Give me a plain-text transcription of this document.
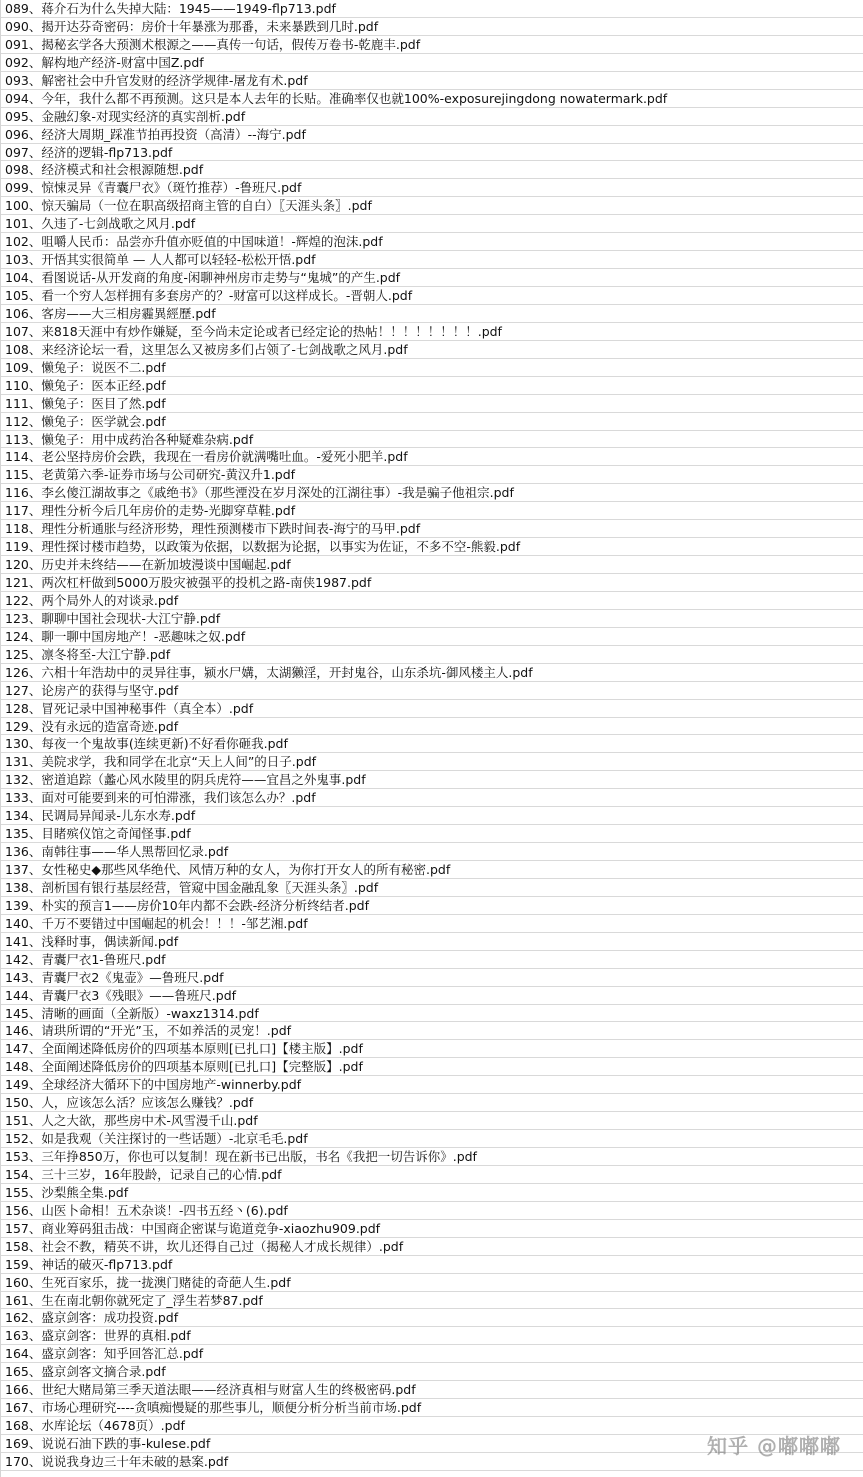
089、蒋介石为什么失掉大陆：1945——1949-flp713.pdf
090、揭开达芬奇密码：房价十年暴涨为那番，未来暴跌到几时.pdf
091、揭秘玄学各大预测术根源之——真传一句话，假传万卷书-乾鹿丰.pdf
092、解构地产经济-财富中国Z.pdf
093、解密社会中升官发财的经济学规律-屠龙有术.pdf
094、今年，我什么都不再预测。这只是本人去年的长贴。准确率仅也就100%-exposurejingdong nowatermark.pdf
095、金融幻象-对现实经济的真实剖析.pdf
096、经济大周期_踩准节拍再投资（高清）--海宁.pdf
097、经济的逻辑-flp713.pdf
098、经济模式和社会根源随想.pdf
099、惊悚灵异《青囊尸衣》（斑竹推荐）-鲁班尺.pdf
100、惊天骗局（一位在职高级招商主管的自白）〖天涯头条〗.pdf
101、久违了-七剑战歌之风月.pdf
102、咀嚼人民币：品尝亦升值亦贬值的中国味道！-辉煌的泡沫.pdf
103、开悟其实很简单 — 人人都可以轻轻-松松开悟.pdf
104、看图说话-从开发商的角度-闲聊神州房市走势与“鬼城”的产生.pdf
105、看一个穷人怎样拥有多套房产的？-财富可以这样成长。-晋朝人.pdf
106、客房——大三相房霾異經歷.pdf
107、来818天涯中有炒作嫌疑，至今尚未定论或者已经定论的热帖！！！！！！！！.pdf
108、来经济论坛一看，这里怎么又被房多们占领了-七剑战歌之风月.pdf
109、懒兔子：说医不二.pdf
110、懒兔子：医本正经.pdf
111、懒兔子：医目了然.pdf
112、懒兔子：医学就会.pdf
113、懒兔子：用中成药治各种疑难杂病.pdf
114、老公坚持房价会跌，我现在一看房价就满嘴吐血。-爱死小肥羊.pdf
115、老黄第六季-证券市场与公司研究-黄汉升1.pdf
116、李幺傻江湖故事之《戚绝书》（那些湮没在岁月深处的江湖往事）-我是骗子他祖宗.pdf
117、理性分析今后几年房价的走势-光脚穿草鞋.pdf
118、理性分析通胀与经济形势，理性预测楼市下跌时间表-海宁的马甲.pdf
119、理性探讨楼市趋势，以政策为依据，以数据为论据，以事实为佐证，不多不空-熊毅.pdf
120、历史并未终结——在新加坡漫谈中国崛起.pdf
121、两次杠杆做到5000万股灾被强平的投机之路-南侠1987.pdf
122、两个局外人的对谈录.pdf
123、聊聊中国社会现状-大江宁静.pdf
124、聊一聊中国房地产！-恶趣味之奴.pdf
125、凛冬将至-大江宁静.pdf
126、六相十年浩劫中的灵异往事，颍水尸媾，太湖獭淫，开封鬼谷，山东杀坑-御风楼主人.pdf
127、论房产的获得与坚守.pdf
128、冒死记录中国神秘事件（真全本）.pdf
129、没有永远的造富奇迹.pdf
130、每夜一个鬼故事(连续更新)不好看你砸我.pdf
131、美院求学，我和同学在北京“天上人间”的日子.pdf
132、密道追踪（蠡心风水陵里的阴兵虎符——宜昌之外鬼事.pdf
133、面对可能要到来的可怕滞涨，我们该怎么办？.pdf
134、民调局异闻录-儿东水寿.pdf
135、目睹殡仪馆之奇闻怪事.pdf
136、南韩往事——华人黑帮回忆录.pdf
137、女性秘史◆那些风华绝代、风情万种的女人，为你打开女人的所有秘密.pdf
138、剖析国有银行基层经营，管窥中国金融乱象〖天涯头条〗.pdf
139、朴实的预言1——房价10年内都不会跌-经济分析终结者.pdf
140、千万不要错过中国崛起的机会！！！-邹艺湘.pdf
141、浅释时事，偶读新闻.pdf
142、青囊尸衣1-鲁班尺.pdf
143、青囊尸衣2《鬼壶》—鲁班尺.pdf
144、青囊尸衣3《残眼》——鲁班尺.pdf
145、清晰的画面（全新版）-waxz1314.pdf
146、请珙所谓的“开光”玉，不如养活的灵宠！.pdf
147、全面阐述降低房价的四项基本原则[已扎口]【楼主版】.pdf
148、全面阐述降低房价的四项基本原则[已扎口]【完整版】.pdf
149、全球经济大循环下的中国房地产-winnerby.pdf
150、人，应该怎么活？应该怎么赚钱？.pdf
151、人之大欲，那些房中术-风雪漫千山.pdf
152、如是我观（关注探讨的一些话题）-北京毛毛.pdf
153、三年挣850万，你也可以复制！现在新书已出版，书名《我把一切告诉你》.pdf
154、三十三岁，16年股龄，记录自己的心情.pdf
155、沙梨熊全集.pdf
156、山医卜命相！五术杂谈！-四书五经丶(6).pdf
157、商业筹码狙击战：中国商企密谋与诡道竞争-xiaozhu909.pdf
158、社会不教，精英不讲，坎儿还得自己过（揭秘人才成长规律）.pdf
159、神话的破灭-flp713.pdf
160、生死百家乐，拢一拢澳门赌徒的奇葩人生.pdf
161、生在南北朝你就死定了_浮生若梦87.pdf
162、盛京剑客：成功投资.pdf
163、盛京剑客：世界的真相.pdf
164、盛京剑客：知乎回答汇总.pdf
165、盛京剑客文摘合录.pdf
166、世纪大赌局第三季天道法眼——经济真相与财富人生的终极密码.pdf
167、市场心理研究----贪嗔痴慢疑的那些事儿，顺便分析分析当前市场.pdf
168、水库论坛（4678页）.pdf
169、说说石油下跌的事-kulese.pdf
170、说说我身边三十年未破的悬案.pdf
知乎 @嘟嘟嘟
